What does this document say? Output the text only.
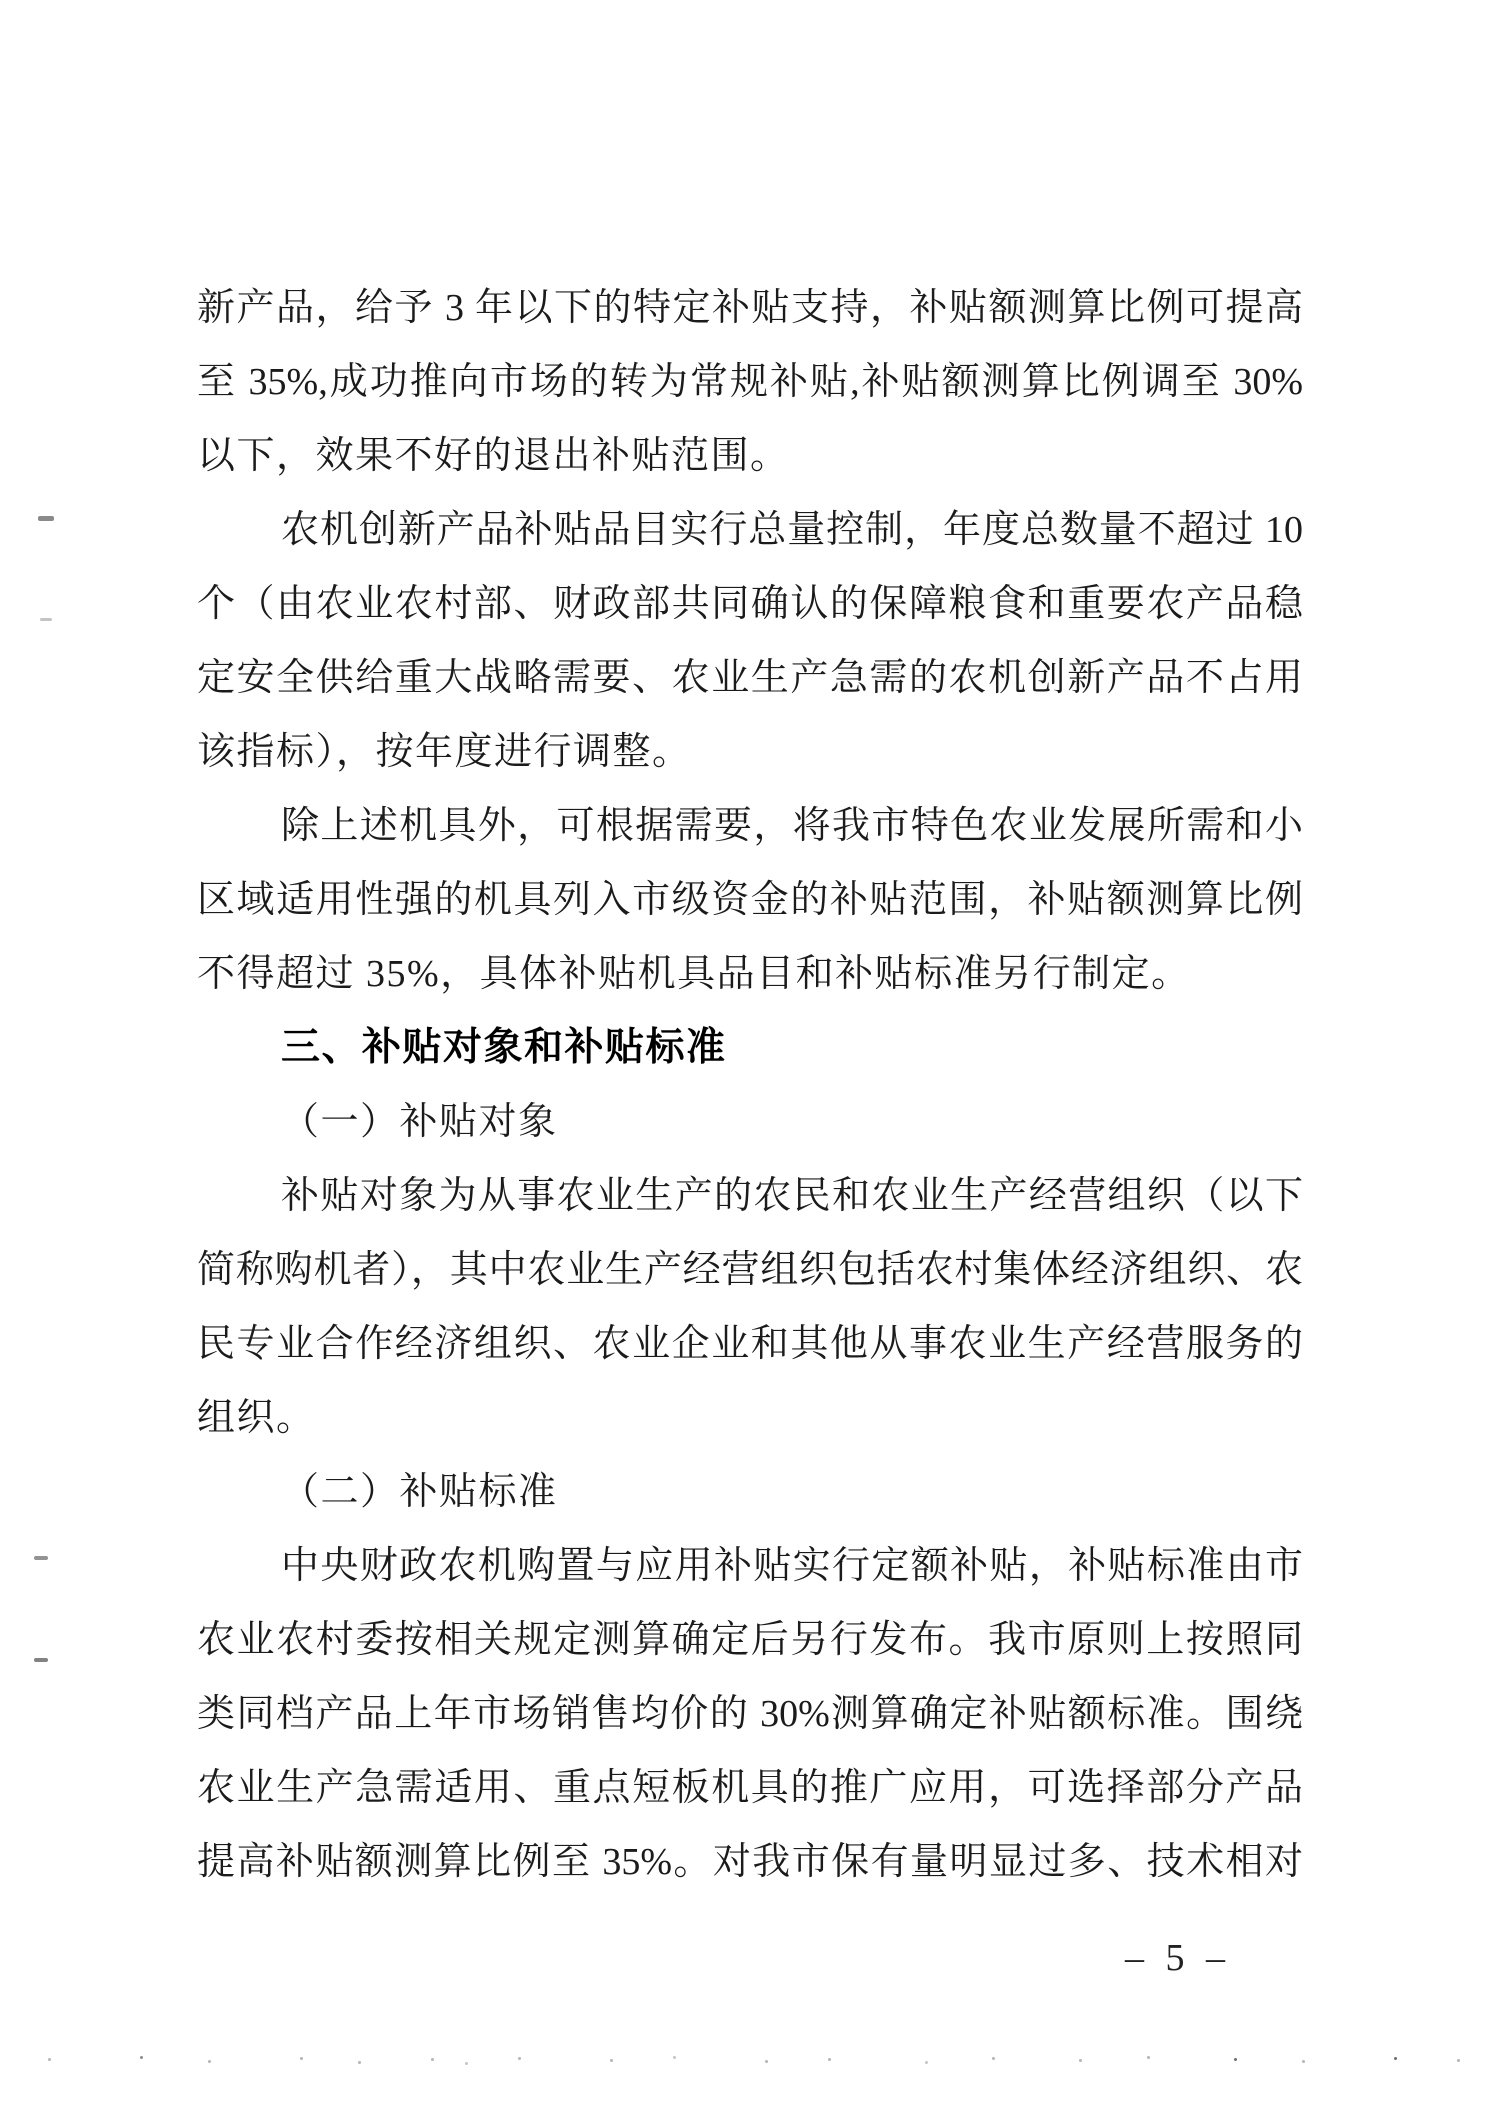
新产品，给予 3 年以下的特定补贴支持，补贴额测算比例可提高

至 35%,成功推向市场的转为常规补贴,补贴额测算比例调至 30%

以下，效果不好的退出补贴范围。

农机创新产品补贴品目实行总量控制，年度总数量不超过 10

个（由农业农村部、财政部共同确认的保障粮食和重要农产品稳

定安全供给重大战略需要、农业生产急需的农机创新产品不占用

该指标），按年度进行调整。

除上述机具外，可根据需要，将我市特色农业发展所需和小

区域适用性强的机具列入市级资金的补贴范围，补贴额测算比例

不得超过 35%，具体补贴机具品目和补贴标准另行制定。

三、补贴对象和补贴标准

（一）补贴对象

补贴对象为从事农业生产的农民和农业生产经营组织（以下

简称购机者），其中农业生产经营组织包括农村集体经济组织、农

民专业合作经济组织、农业企业和其他从事农业生产经营服务的

组织。

（二）补贴标准

中央财政农机购置与应用补贴实行定额补贴，补贴标准由市

农业农村委按相关规定测算确定后另行发布。我市原则上按照同

类同档产品上年市场销售均价的 30%测算确定补贴额标准。围绕

农业生产急需适用、重点短板机具的推广应用，可选择部分产品

提高补贴额测算比例至 35%。对我市保有量明显过多、技术相对

– 5 –
